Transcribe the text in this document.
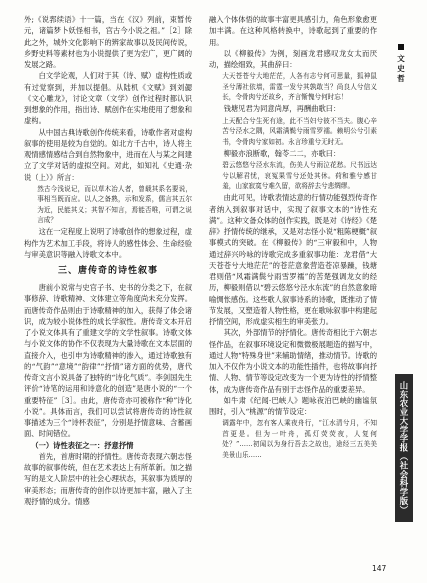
外;《说郛续语》十一篇，当在《汉》列前，束暂传元，诸篇梦卜妖怪相书，宫古今小说之祖。”［2］除此之外，城外文化影响下的辨家故事以及民间传说，乡野史料等素材也为小说提供了更为宏广，更广阔的发展之路。

白文学论观，人们对于其（诗、赋）虚构性质或有过觉察到，并加以提倡。从陆机《文赋》到刘勰《文心雕龙》，讨论文章（文学）创作过程时都认识到想象的作用，指出诗、赋创作在实地使用了想象和虚构。

从中国古典诗歌创作传统来看，诗歌作者对虚构叙事的使用是较为自觉的。如北方千古中，诗人将主观情感情感结合到自然物象中，进而在人与某之间建立了文学对话的虚拟空间。对此，如知礼《史通·杂说（上）》所言：

然古今浅说记，而以草木冶人者，曾载其系名要说，事相当既而应。以人之备熟，示和发系，儒言其五尔为近，民能其义；其智不知言，焉能否唯，可谓之说言成？

这在一定程度上说明了诗歌创作的想象过程，虚构作为艺术加工手段，将诗人的感性体会、生命经验与审美意识等融入诗歌文本中。

三、唐传奇的诗性叙事

唐前小说常与史官子书、史书的分类之下，在叙事修辞、诗歌精神、文体建立等角度尚未充分发挥。而唐传奇作品则由于诗歌精神的加入，获得了体会诸识，成为较小说体性的成长学叙性。唐传奇文本开启了小说文体具有了重建文学的文学性叙事。诗歌文体与小说文体的协作不仅表现为大量诗歌在文本层面的直接介入，也引申为诗歌精神的渗入，通过诗歌独有的“气韵”“意境”“韵律”“抒情”诸方面的优势，唐代传奇文言小说具备了独特的“诗化气质”。李剑国先生评价“诗笔的运用和诗意化的创造”是唐小说的“一个重要特征”［3］。由此，唐传奇亦可被称作“种”诗化小说”。具体而言，我们可以尝试将唐传奇的诗性叙事描述为三个“诗杯表征”，分别是抒情意味、含蓄画面、时间错位。

（一）诗性表征之一：抒意抒情

首先，首唐时期的抒情性。唐传奇表现六朝志怪故事的叙事传统，但在艺术表达上有所革新。加之描写的是文人阶层中的社会心理状态，其叙事为质厚的审美形态；而唐传奇的创作以诗更加丰富，融入了主观抒情的成分。情感

融入个体体悟的故事丰富更具感引力，角色形象愈更加丰满。在这种风格转换中，诗歌起到了重要的作用。

以《柳毅传》为例，刻画龙君感叹龙女太而厌动，描绘细致，其曲辞曰：

大天苍苍兮大地茫茫，人各有志兮何可思量，狐神鼠圣兮薄社依墙，雷霆一发兮其孰敢当？尚良人兮信义长，令骨肉兮还故乡，齐言惭愧兮何时忘！

钱塘见君为同意尚厚，再酬曲歌曰：

上天配合兮生死有途，此不当妇兮彼不当夫。腹心辛苦兮泾水之隅，风霜满鬓兮雨雪罗襦。赖明公兮引素书，令骨肉兮家如初。永言珍重兮无时无。

柳毅亦浪断歌，翰苓二二，亦歌曰：

碧云悠悠兮泾水东流，伤美人兮雨泣花愁。尺书远达兮以解君忧，哀冤果雪兮还处其休。荷和雅兮感甘羞，山家寂寞兮难久留，欲将辞去兮悲绸缪。

由此可见，诗歌表情达意的行情功能强烈传奇作者纳入到叙事对话中，实现了叙事文本的“诗性充满”。这种文备众体的创作实践，既是对《诗经》《楚辞》抒情传统的继承，又是对志怪小说“粗陈梗概”叙事模式的突破。在《柳毅传》的“三审毅和中，人物通过辞兴吟咏的诗歌完成多重叙事功能：龙君借“大天苍苍兮大地茫茫”的苍茫意象营造苍凉暴躁，钱塘君则借“风霜满鬓兮雨雪罗襦”的苦楚强调龙女的经历，柳毅则借以“碧云悠悠兮泾水东流”的自然意象暗喻惆怅感伤。这些歌人叙事诗系的诗歌，既推动了情节发展，又塑造着人物性格，更在歌咏叙事中构建起抒情空间，形成虚实相生的审美张力。

其次，外部情节的抒情化。唐传奇相比于六朝志怪作品，在叙事环境设定和微微极展题造的描写中，通过人物“特殊身世”来辅助情绪，推动情节。诗歌的加入不仅作为小说文本的功能性插件，也将故事向抒情、人物、情节等设定改变为一个更为诗性的抒情整体，成为唐传奇作品有别于志怪作品的重要差异。

如牛肃《纪闻·巴峡人》题咏夜泊巴峡的幽谧氛围时，引入“桃源”的情节设定：

调露年中，忽有客人乘夜舟行，“江水清兮月，不知首更是。但为一叶舟，孤灯荧荧夜，人复何处？”……初闻以为身行吾去之故也，途经三五美美美景山乐……

文
史
哲
山东农业大学学报（社会科学版）
147
